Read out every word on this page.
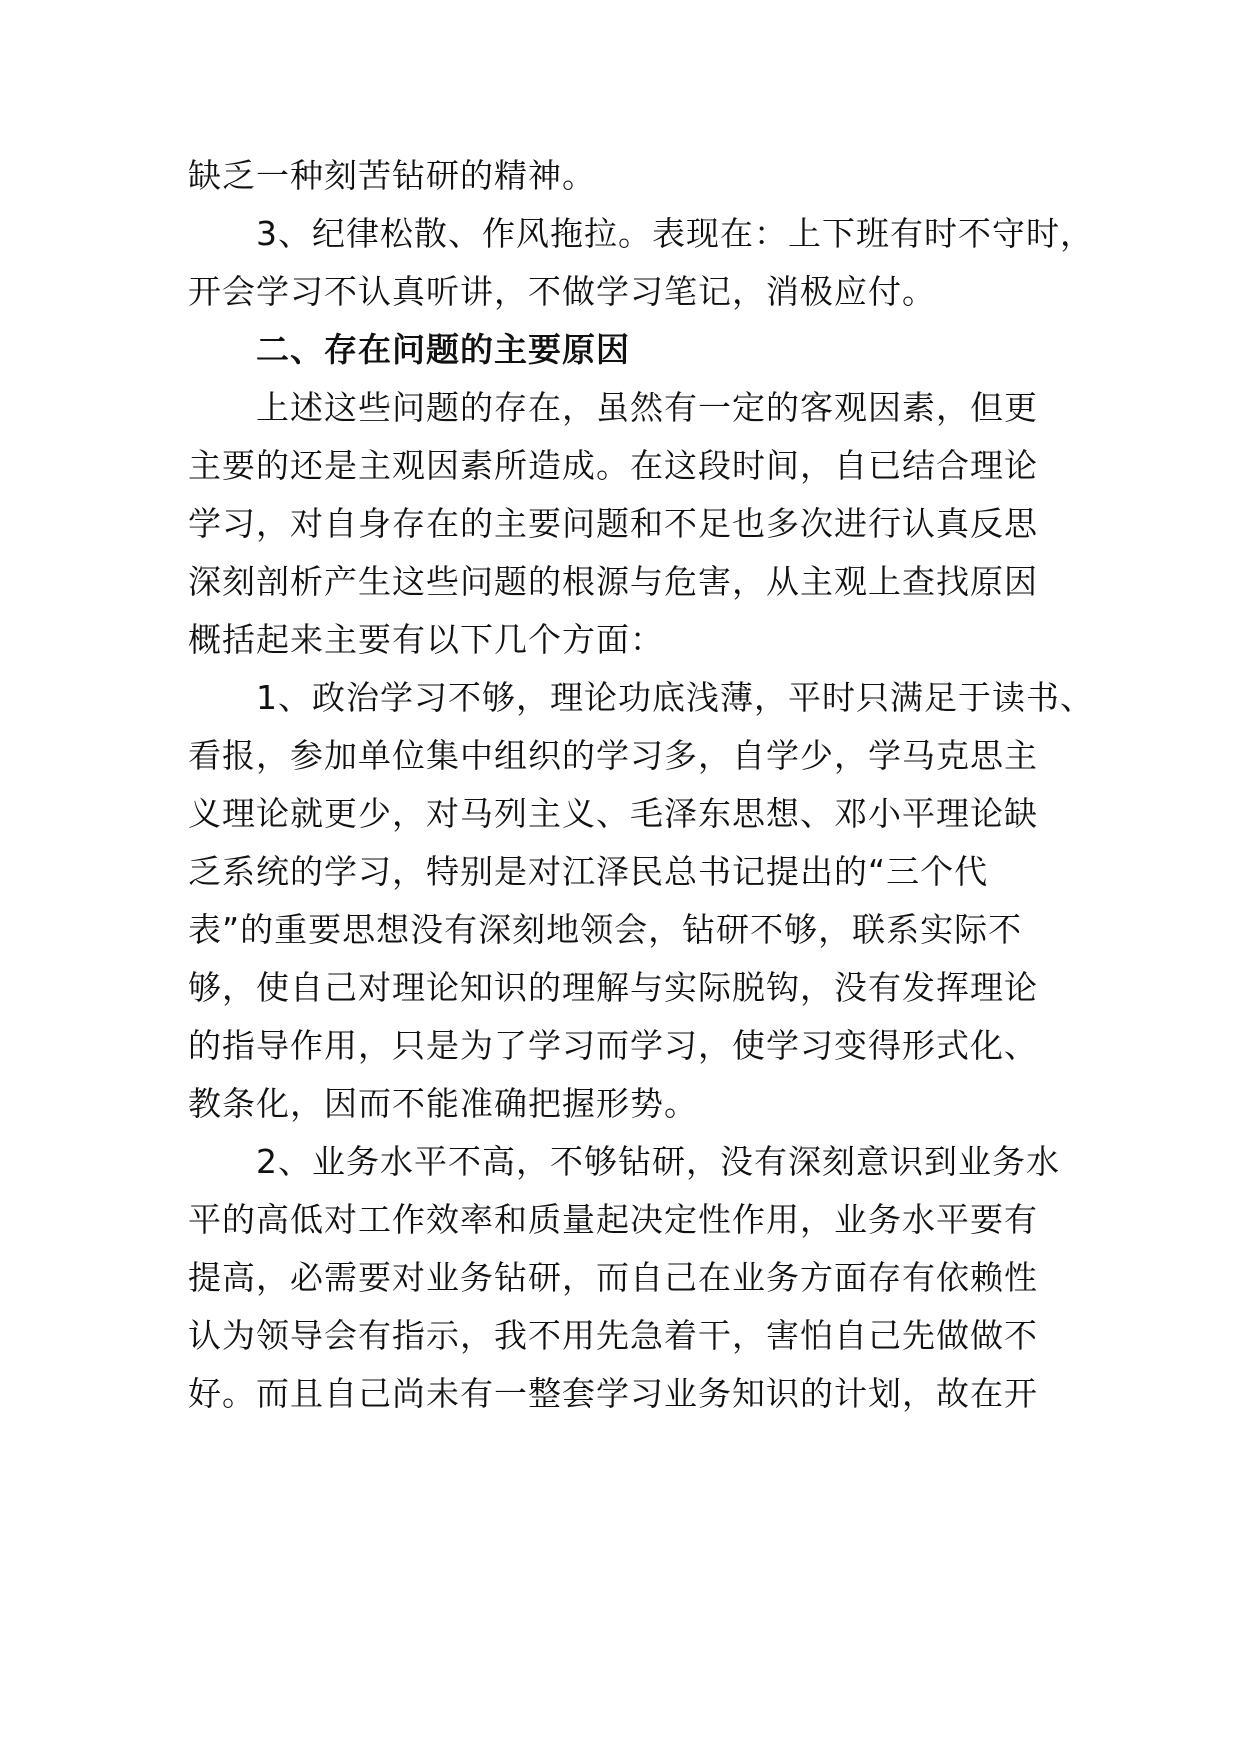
缺乏一种刻苦钻研的精神。
3、纪律松散、作风拖拉。表现在：上下班有时不守时，
开会学习不认真听讲，不做学习笔记，消极应付。
二、存在问题的主要原因
上述这些问题的存在，虽然有一定的客观因素，但更
主要的还是主观因素所造成。在这段时间，自已结合理论
学习，对自身存在的主要问题和不足也多次进行认真反思
深刻剖析产生这些问题的根源与危害，从主观上查找原因
概括起来主要有以下几个方面：
1、政治学习不够，理论功底浅薄，平时只满足于读书、
看报，参加单位集中组织的学习多，自学少，学马克思主
义理论就更少，对马列主义、毛泽东思想、邓小平理论缺
乏系统的学习，特别是对江泽民总书记提出的“三个代
表”的重要思想没有深刻地领会，钻研不够，联系实际不
够，使自己对理论知识的理解与实际脱钩，没有发挥理论
的指导作用，只是为了学习而学习，使学习变得形式化、
教条化，因而不能准确把握形势。
2、业务水平不高，不够钻研，没有深刻意识到业务水
平的高低对工作效率和质量起决定性作用，业务水平要有
提高，必需要对业务钻研，而自己在业务方面存有依赖性
认为领导会有指示，我不用先急着干，害怕自己先做做不
好。而且自己尚未有一整套学习业务知识的计划，故在开
